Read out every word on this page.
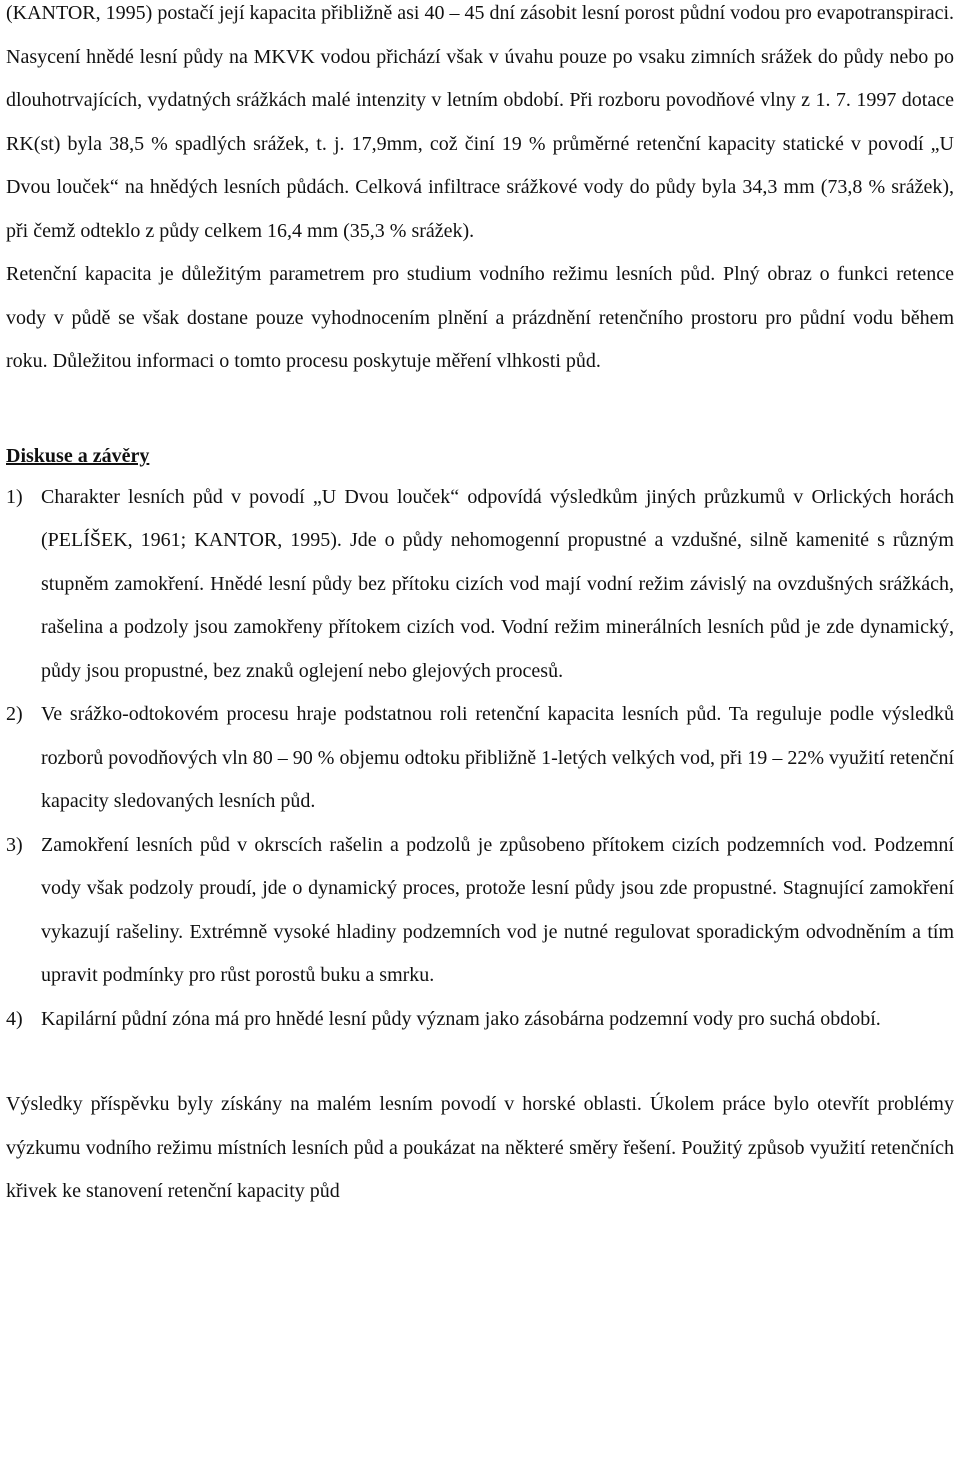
(KANTOR, 1995) postačí její kapacita přibližně asi 40 – 45 dní zásobit lesní porost půdní vodou pro evapotranspiraci. Nasycení hnědé lesní půdy na MKVK vodou přichází však v úvahu pouze po vsaku zimních srážek do půdy nebo po dlouhotrvajících, vydatných srážkách malé intenzity v letním období. Při rozboru povodňové vlny z 1. 7. 1997 dotace RK(st) byla 38,5 % spadlých srážek, t. j. 17,9mm, což činí 19 % průměrné retenční kapacity statické v povodí „U Dvou louček“ na hnědých lesních půdách. Celková infiltrace srážkové vody do půdy byla 34,3 mm (73,8 % srážek), při čemž odteklo z půdy celkem 16,4 mm (35,3 % srážek).

Retenční kapacita je důležitým parametrem pro studium vodního režimu lesních půd. Plný obraz o funkci retence vody v půdě se však dostane pouze vyhodnocením plnění a prázdnění retenčního prostoru pro půdní vodu během roku. Důležitou informaci o tomto procesu poskytuje měření vlhkosti půd.

Diskuse a závěry
1) Charakter lesních půd v povodí „U Dvou louček“ odpovídá výsledkům jiných průzkumů v Orlických horách (PELÍŠEK, 1961; KANTOR, 1995). Jde o půdy nehomogenní propustné a vzdušné, silně kamenité s různým stupněm zamokření. Hnědé lesní půdy bez přítoku cizích vod mají vodní režim závislý na ovzdušných srážkách, rašelina a podzoly jsou zamokřeny přítokem cizích vod. Vodní režim minerálních lesních půd je zde dynamický, půdy jsou propustné, bez znaků oglejení nebo glejových procesů.
2) Ve srážko-odtokovém procesu hraje podstatnou roli retenční kapacita lesních půd. Ta reguluje podle výsledků rozborů povodňových vln 80 – 90 % objemu odtoku přibližně 1-letých velkých vod, při 19 – 22% využití retenční kapacity sledovaných lesních půd.
3) Zamokření lesních půd v okrscích rašelin a podzolů je způsobeno přítokem cizích podzemních vod. Podzemní vody však podzoly proudí, jde o dynamický proces, protože lesní půdy jsou zde propustné. Stagnující zamokření vykazují rašeliny. Extrémně vysoké hladiny podzemních vod je nutné regulovat sporadickým odvodněním a tím upravit podmínky pro růst porostů buku a smrku.
4) Kapilární půdní zóna má pro hnědé lesní půdy význam jako zásobárna podzemní vody pro suchá období.

Výsledky příspěvku byly získány na malém lesním povodí v horské oblasti. Úkolem práce bylo otevřít problémy výzkumu vodního režimu místních lesních půd a poukázat na některé směry řešení. Použitý způsob využití retenčních křivek ke stanovení retenční kapacity půd
